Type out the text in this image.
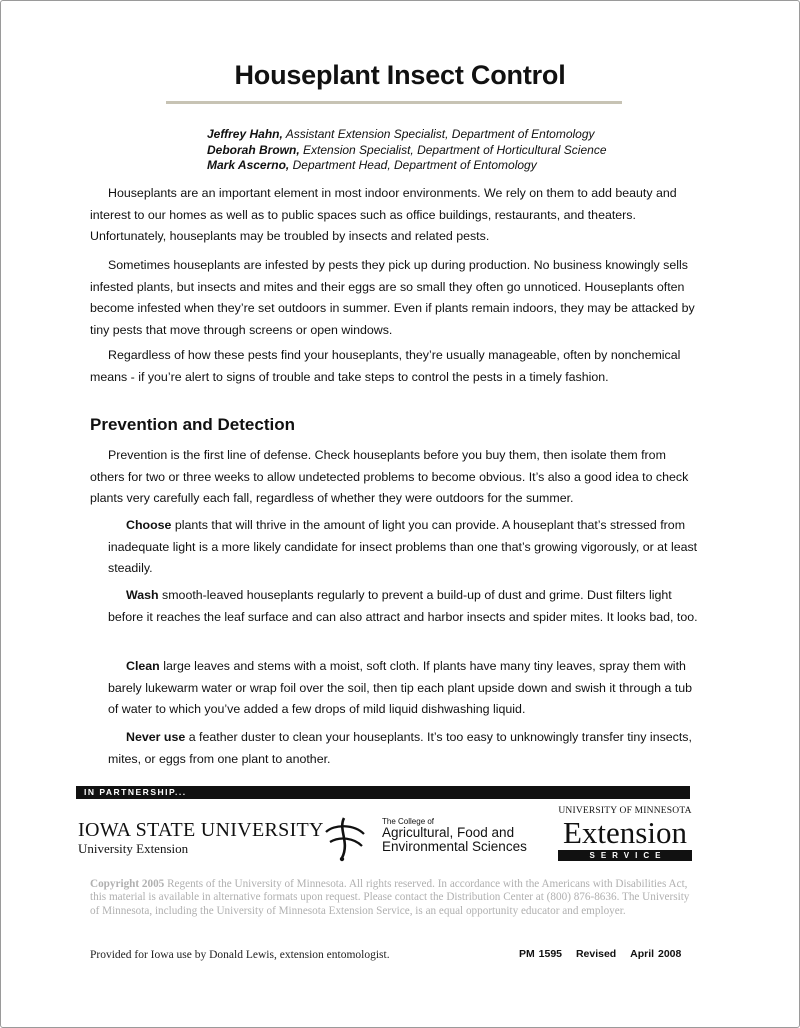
Houseplant Insect Control
Jeffrey Hahn, Assistant Extension Specialist, Department of Entomology
Deborah Brown, Extension Specialist, Department of Horticultural Science
Mark Ascerno, Department Head, Department of Entomology

Houseplants are an important element in most indoor environments. We rely on them to add beauty and interest to our homes as well as to public spaces such as office buildings, restaurants, and theaters. Unfortunately, houseplants may be troubled by insects and related pests.

Sometimes houseplants are infested by pests they pick up during production. No business knowingly sells infested plants, but insects and mites and their eggs are so small they often go unnoticed. Houseplants often become infested when they’re set outdoors in summer. Even if plants remain indoors, they may be attacked by tiny pests that move through screens or open windows.

Regardless of how these pests find your houseplants, they’re usually manageable, often by nonchemical means - if you’re alert to signs of trouble and take steps to control the pests in a timely fashion.

Prevention and Detection

Prevention is the first line of defense. Check houseplants before you buy them, then isolate them from others for two or three weeks to allow undetected problems to become obvious. It’s also a good idea to check plants very carefully each fall, regardless of whether they were outdoors for the summer.

Choose plants that will thrive in the amount of light you can provide. A houseplant that’s stressed from inadequate light is a more likely candidate for insect problems than one that’s growing vigorously, or at least steadily.

Wash smooth-leaved houseplants regularly to prevent a build-up of dust and grime. Dust filters light before it reaches the leaf surface and can also attract and harbor insects and spider mites. It looks bad, too.

Clean large leaves and stems with a moist, soft cloth. If plants have many tiny leaves, spray them with barely lukewarm water or wrap foil over the soil, then tip each plant upside down and swish it through a tub of water to which you’ve added a few drops of mild liquid dishwashing liquid.

Never use a feather duster to clean your houseplants. It’s too easy to unknowingly transfer tiny insects, mites, or eggs from one plant to another.

IN PARTNERSHIP...
IOWA STATE UNIVERSITY
University Extension
The College of
Agricultural, Food and
Environmental Sciences
UNIVERSITY OF MINNESOTA
Extension
SERVICE
Copyright 2005 Regents of the University of Minnesota. All rights reserved. In accordance with the Americans with Disabilities Act, this material is available in alternative formats upon request. Please contact the Distribution Center at (800) 876-8636. The University of Minnesota, including the University of Minnesota Extension Service, is an equal opportunity educator and employer.
Provided for Iowa use by Donald Lewis, extension entomologist.	PM 1595 Revised April 2008
